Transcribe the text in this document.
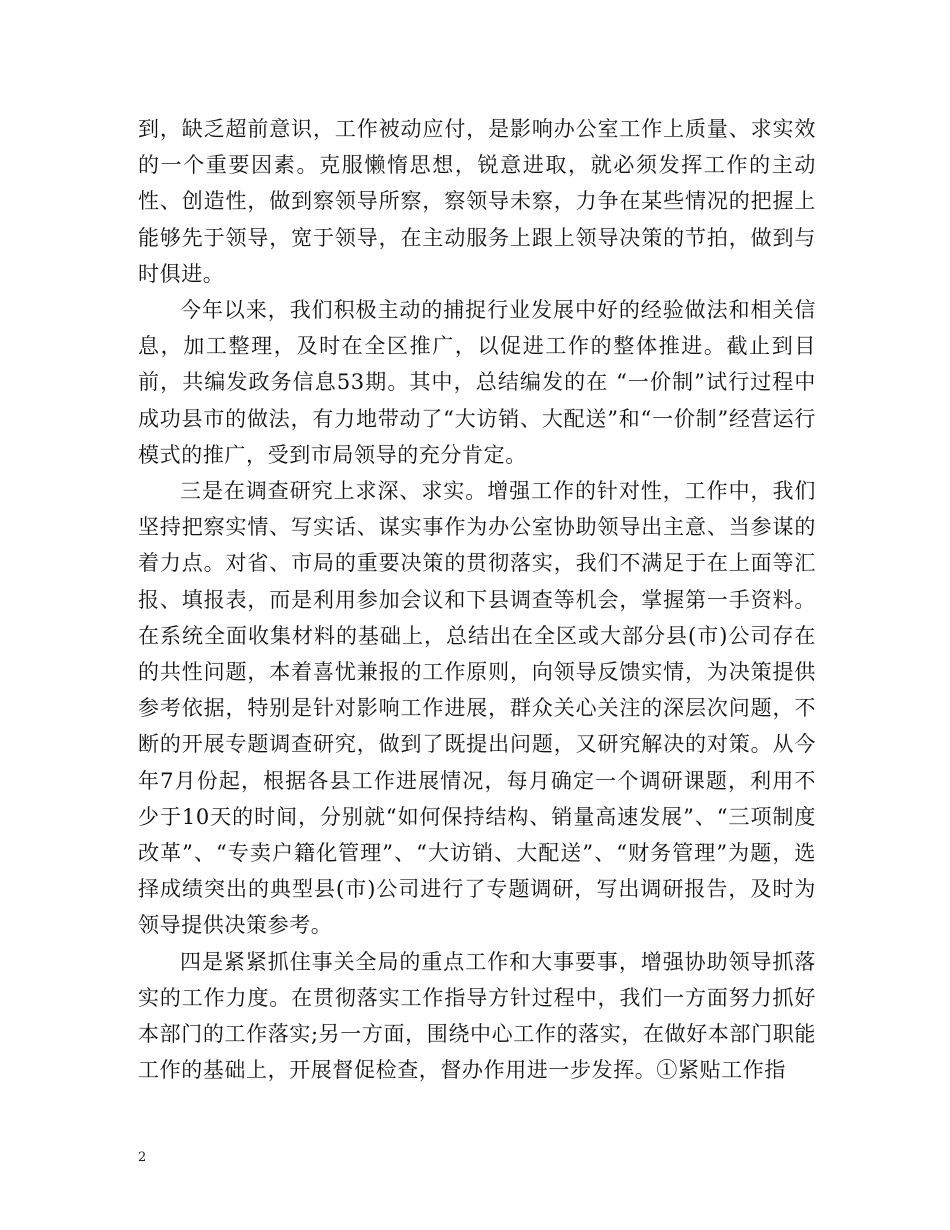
到，缺乏超前意识，工作被动应付，是影响办公室工作上质量、求实效的一个重要因素。克服懒惰思想，锐意进取，就必须发挥工作的主动性、创造性，做到察领导所察，察领导未察，力争在某些情况的把握上能够先于领导，宽于领导，在主动服务上跟上领导决策的节拍，做到与时俱进。

今年以来，我们积极主动的捕捉行业发展中好的经验做法和相关信息，加工整理，及时在全区推广，以促进工作的整体推进。截止到目前，共编发政务信息53期。其中，总结编发的在 “一价制”试行过程中成功县市的做法，有力地带动了“大访销、大配送”和“一价制”经营运行模式的推广，受到市局领导的充分肯定。

三是在调查研究上求深、求实。增强工作的针对性，工作中，我们坚持把察实情、写实话、谋实事作为办公室协助领导出主意、当参谋的着力点。对省、市局的重要决策的贯彻落实，我们不满足于在上面等汇报、填报表，而是利用参加会议和下县调查等机会，掌握第一手资料。在系统全面收集材料的基础上，总结出在全区或大部分县(市)公司存在的共性问题，本着喜忧兼报的工作原则，向领导反馈实情，为决策提供参考依据，特别是针对影响工作进展，群众关心关注的深层次问题，不断的开展专题调查研究，做到了既提出问题，又研究解决的对策。从今年7月份起，根据各县工作进展情况，每月确定一个调研课题，利用不少于10天的时间，分别就“如何保持结构、销量高速发展”、“三项制度改革”、“专卖户籍化管理”、“大访销、大配送”、“财务管理”为题，选择成绩突出的典型县(市)公司进行了专题调研，写出调研报告，及时为领导提供决策参考。

四是紧紧抓住事关全局的重点工作和大事要事，增强协助领导抓落实的工作力度。在贯彻落实工作指导方针过程中，我们一方面努力抓好本部门的工作落实;另一方面，围绕中心工作的落实，在做好本部门职能工作的基础上，开展督促检查，督办作用进一步发挥。①紧贴工作指

2
